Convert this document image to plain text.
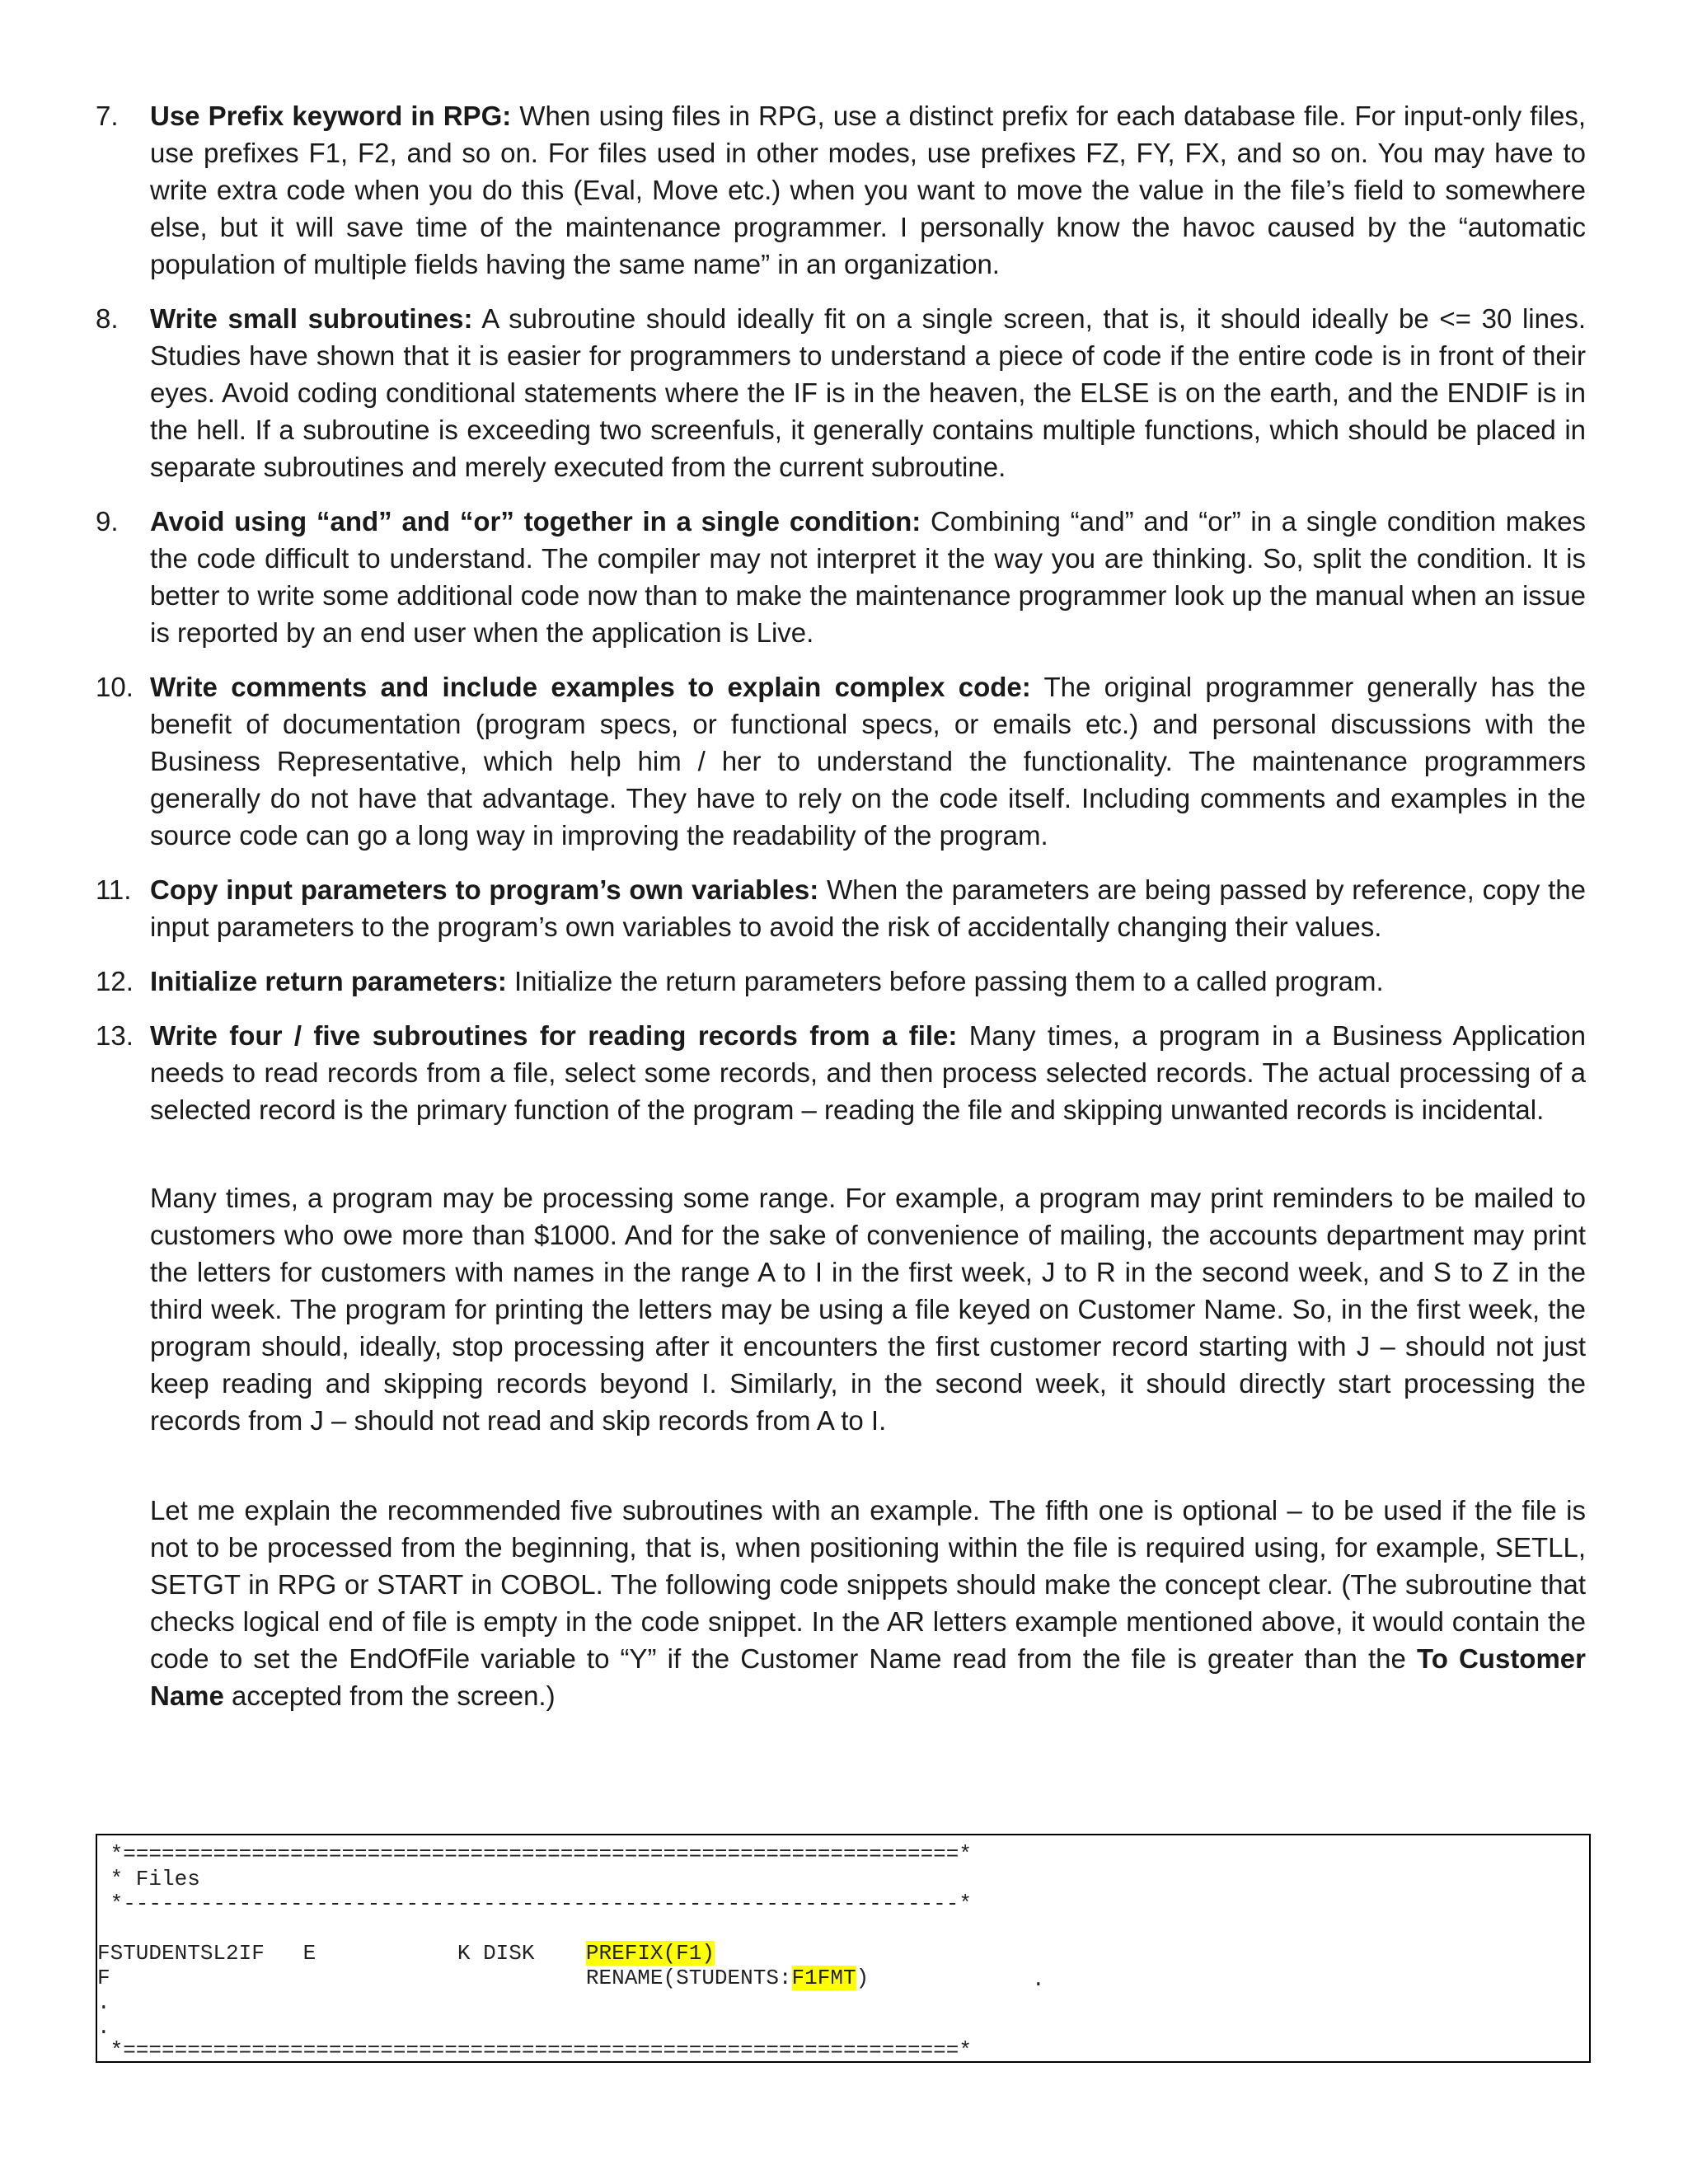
7.	Use Prefix keyword in RPG: When using files in RPG, use a distinct prefix for each database file. For input-only files, use prefixes F1, F2, and so on. For files used in other modes, use prefixes FZ, FY, FX, and so on. You may have to write extra code when you do this (Eval, Move etc.) when you want to move the value in the file’s field to somewhere else, but it will save time of the maintenance programmer. I personally know the havoc caused by the “automatic population of multiple fields having the same name” in an organization.

8.	Write small subroutines: A subroutine should ideally fit on a single screen, that is, it should ideally be <= 30 lines. Studies have shown that it is easier for programmers to understand a piece of code if the entire code is in front of their eyes. Avoid coding conditional statements where the IF is in the heaven, the ELSE is on the earth, and the ENDIF is in the hell. If a subroutine is exceeding two screenfuls, it generally contains multiple functions, which should be placed in separate subroutines and merely executed from the current subroutine.

9.	Avoid using “and” and “or” together in a single condition: Combining “and” and “or” in a single condition makes the code difficult to understand. The compiler may not interpret it the way you are thinking. So, split the condition. It is better to write some additional code now than to make the maintenance programmer look up the manual when an issue is reported by an end user when the application is Live.

10. Write comments and include examples to explain complex code: The original programmer generally has the benefit of documentation (program specs, or functional specs, or emails etc.) and personal discussions with the Business Representative, which help him / her to understand the functionality. The maintenance programmers generally do not have that advantage. They have to rely on the code itself. Including comments and examples in the source code can go a long way in improving the readability of the program.

11. Copy input parameters to program’s own variables: When the parameters are being passed by reference, copy the input parameters to the program’s own variables to avoid the risk of accidentally changing their values.

12. Initialize return parameters: Initialize the return parameters before passing them to a called program.

13. Write four / five subroutines for reading records from a file: Many times, a program in a Business Application needs to read records from a file, select some records, and then process selected records. The actual processing of a selected record is the primary function of the program – reading the file and skipping unwanted records is incidental.

Many times, a program may be processing some range. For example, a program may print reminders to be mailed to customers who owe more than $1000. And for the sake of convenience of mailing, the accounts department may print the letters for customers with names in the range A to I in the first week, J to R in the second week, and S to Z in the third week. The program for printing the letters may be using a file keyed on Customer Name. So, in the first week, the program should, ideally, stop processing after it encounters the first customer record starting with J – should not just keep reading and skipping records beyond I. Similarly, in the second week, it should directly start processing the records from J – should not read and skip records from A to I.

Let me explain the recommended five subroutines with an example. The fifth one is optional – to be used if the file is not to be processed from the beginning, that is, when positioning within the file is required using, for example, SETLL, SETGT in RPG or START in COBOL. The following code snippets should make the concept clear. (The subroutine that checks logical end of file is empty in the code snippet. In the AR letters example mentioned above, it would contain the code to set the EndOfFile variable to “Y” if the Customer Name read from the file is greater than the To Customer Name accepted from the screen.)

*=================================================================*
* Files
*-----------------------------------------------------------------*
FSTUDENTSL2IF   E           K DISK    PREFIX(F1)
F                                     RENAME(STUDENTS:F1FMT)	.
.
.
*=================================================================*
